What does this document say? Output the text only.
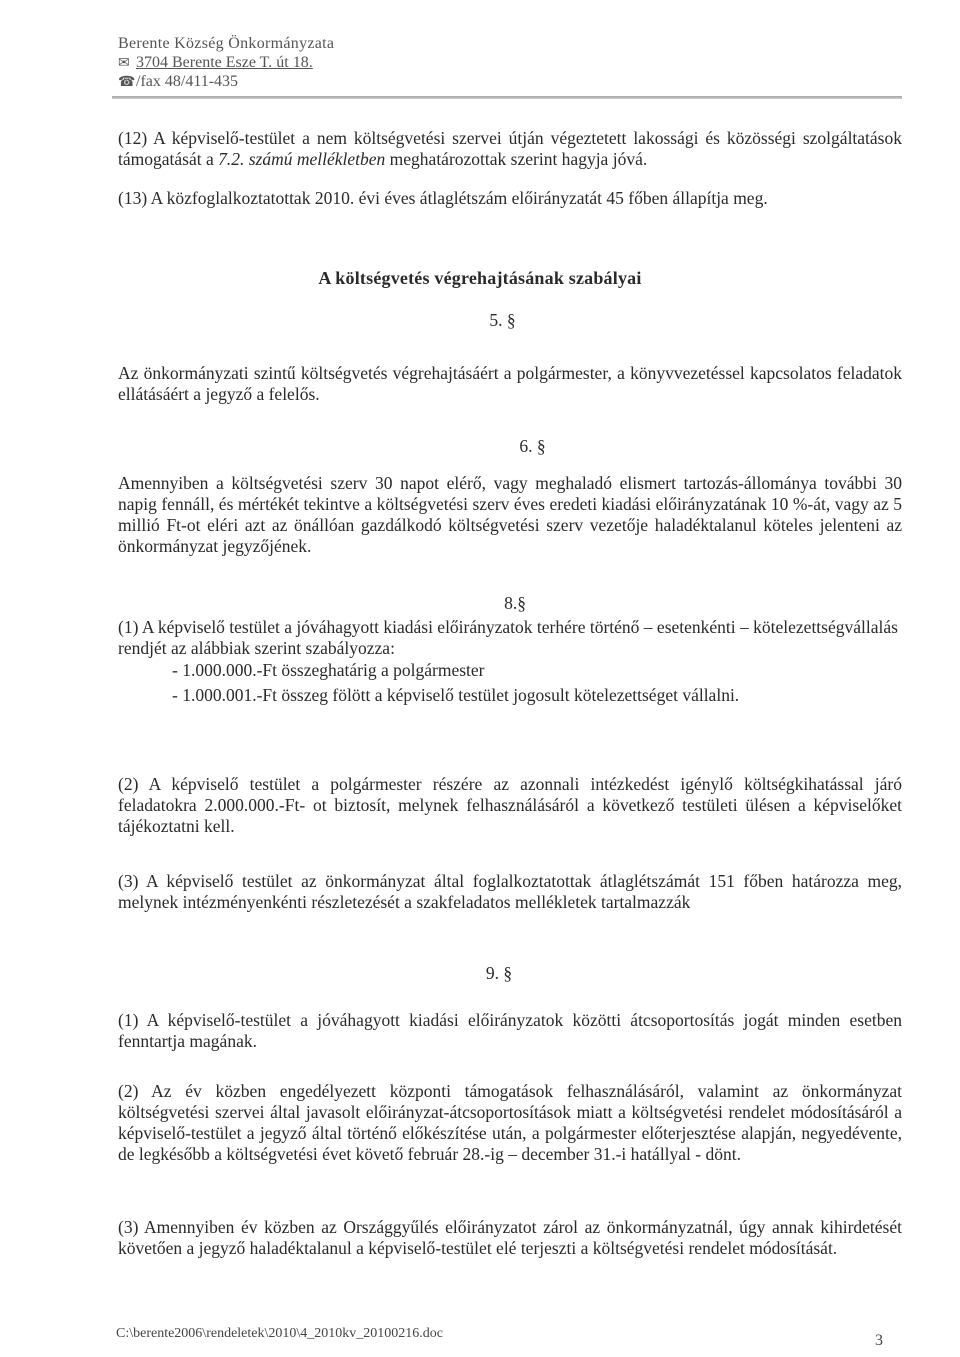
Berente Község Önkormányzata
✉ 3704 Berente Esze T. út 18.
☎/fax 48/411-435
(12) A képviselő-testület a nem költségvetési szervei útján végeztetett lakossági és közösségi szolgáltatások támogatását a 7.2. számú mellékletben meghatározottak szerint hagyja jóvá.
(13) A közfoglalkoztatottak 2010. évi éves átlaglétszám előirányzatát 45 főben állapítja meg.
A költségvetés végrehajtásának szabályai
5. §
Az önkormányzati szintű költségvetés végrehajtásáért a polgármester, a könyvvezetéssel kapcsolatos feladatok ellátásáért a jegyző a felelős.
6. §
Amennyiben a költségvetési szerv 30 napot elérő, vagy meghaladó elismert tartozás-állománya további 30 napig fennáll, és mértékét tekintve a költségvetési szerv éves eredeti kiadási előirányzatának 10 %-át, vagy az 5 millió Ft-ot eléri azt az önállóan gazdálkodó költségvetési szerv vezetője haladéktalanul köteles jelenteni az önkormányzat jegyzőjének.
8.§
(1) A képviselő testület a jóváhagyott kiadási előirányzatok terhére történő – esetenkénti – kötelezettségvállalás rendjét az alábbiak szerint szabályozza:
- 1.000.000.-Ft összeghatárig a polgármester
- 1.000.001.-Ft összeg fölött a képviselő testület jogosult kötelezettséget vállalni.
(2) A képviselő testület a polgármester részére az azonnali intézkedést igénylő költségkihatással járó feladatokra 2.000.000.-Ft- ot biztosít, melynek felhasználásáról a következő testületi ülésen a képviselőket tájékoztatni kell.
(3) A képviselő testület az önkormányzat által foglalkoztatottak átlaglétszámát 151 főben határozza meg, melynek intézményenkénti részletezését a szakfeladatos mellékletek tartalmazzák
9. §
(1) A képviselő-testület a jóváhagyott kiadási előirányzatok közötti átcsoportosítás jogát minden esetben fenntartja magának.
(2) Az év közben engedélyezett központi támogatások felhasználásáról, valamint az önkormányzat költségvetési szervei által javasolt előirányzat-átcsoportosítások miatt a költségvetési rendelet módosításáról a képviselő-testület a jegyző által történő előkészítése után, a polgármester előterjesztése alapján, negyedévente, de legkésőbb a költségvetési évet követő február 28.-ig – december 31.-i hatállyal - dönt.
(3) Amennyiben év közben az Országgyűlés előirányzatot zárol az önkormányzatnál, úgy annak kihirdetését követően a jegyző haladéktalanul a képviselő-testület elé terjeszti a költségvetési rendelet módosítását.
C:\berente2006\rendeletek\2010\4_2010kv_20100216.doc	3
